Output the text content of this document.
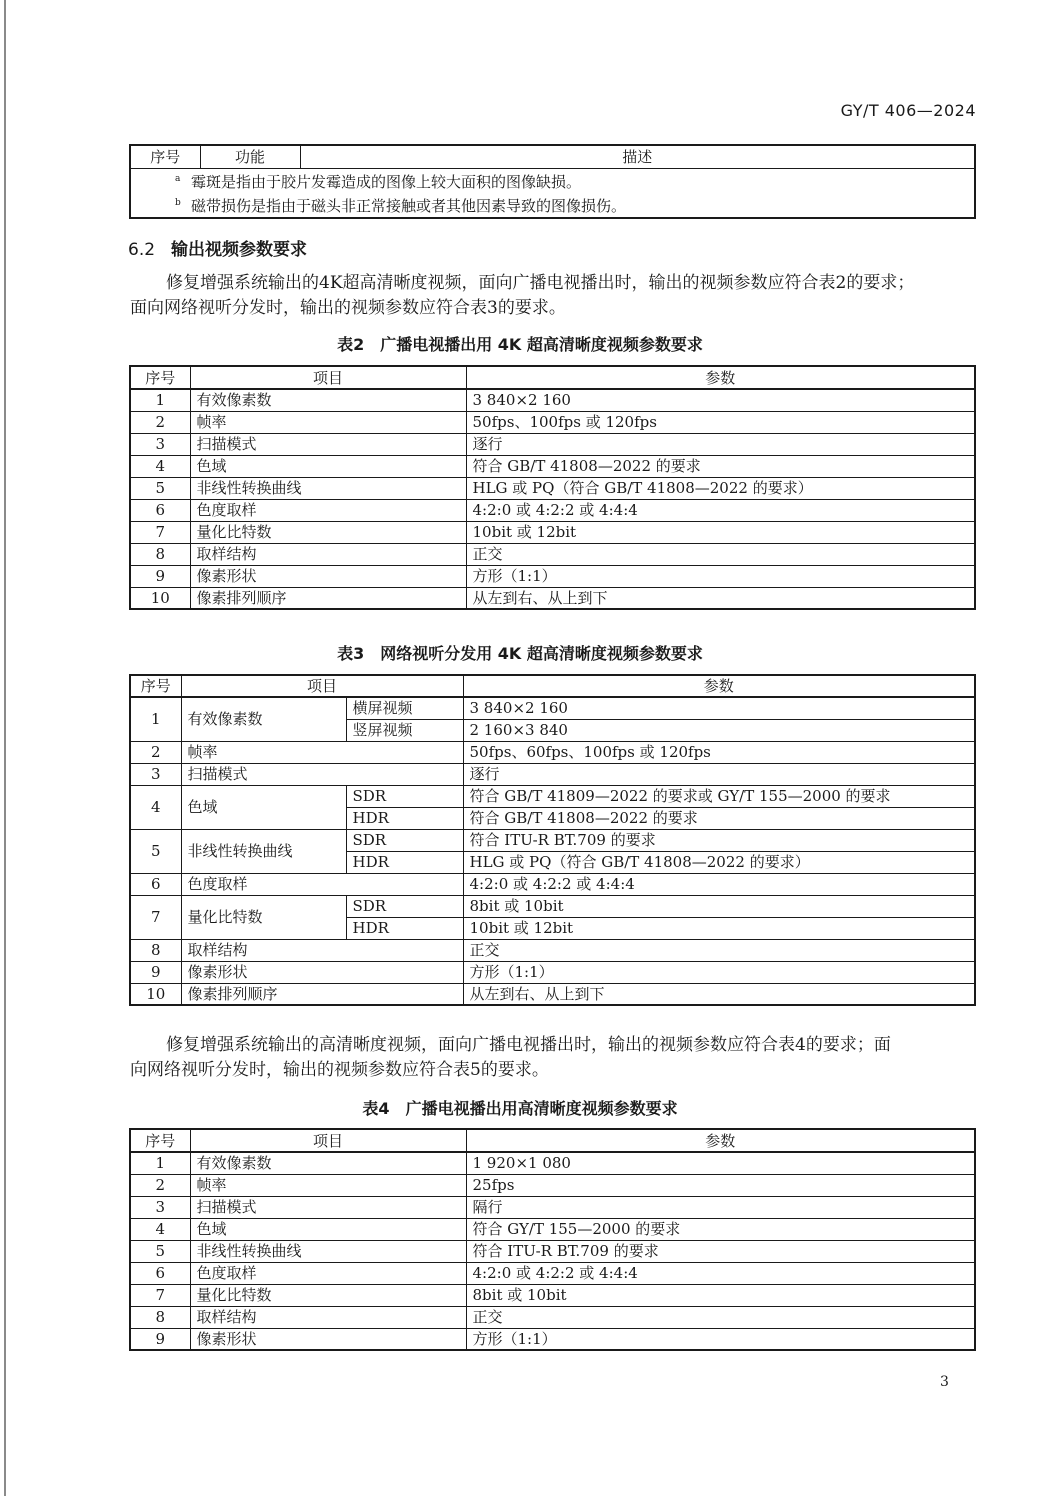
GY/T 406—2024
序号	功能	描述

a 霉斑是指由于胶片发霉造成的图像上较大面积的图像缺损。
b 磁带损伤是指由于磁头非正常接触或者其他因素导致的图像损伤。
6.2 输出视频参数要求

修复增强系统输出的4K超高清晰度视频，面向广播电视播出时，输出的视频参数应符合表2的要求；

面向网络视听分发时，输出的视频参数应符合表3的要求。

表2 广播电视播出用 4K 超高清晰度视频参数要求
序号	项目	参数
1	有效像素数	3 840×2 160
2	帧率	50fps、100fps 或 120fps
3	扫描模式	逐行
4	色域	符合 GB/T 41808—2022 的要求
5	非线性转换曲线	HLG 或 PQ（符合 GB/T 41808—2022 的要求）
6	色度取样	4:2:0 或 4:2:2 或 4:4:4
7	量化比特数	10bit 或 12bit
8	取样结构	正交
9	像素形状	方形（1:1）
10	像素排列顺序	从左到右、从上到下
表3 网络视听分发用 4K 超高清晰度视频参数要求
序号	项目		参数
1	有效像素数	横屏视频	3 840×2 160
		竖屏视频	2 160×3 840
2	帧率		50fps、60fps、100fps 或 120fps
3	扫描模式		逐行
4	色域	SDR	符合 GB/T 41809—2022 的要求或 GY/T 155—2000 的要求
		HDR	符合 GB/T 41808—2022 的要求
5	非线性转换曲线	SDR	符合 ITU-R BT.709 的要求
		HDR	HLG 或 PQ（符合 GB/T 41808—2022 的要求）
6	色度取样		4:2:0 或 4:2:2 或 4:4:4
7	量化比特数	SDR	8bit 或 10bit
		HDR	10bit 或 12bit
8	取样结构		正交
9	像素形状		方形（1:1）
10	像素排列顺序		从左到右、从上到下

修复增强系统输出的高清晰度视频，面向广播电视播出时，输出的视频参数应符合表4的要求；面

向网络视听分发时，输出的视频参数应符合表5的要求。

表4 广播电视播出用高清晰度视频参数要求
序号	项目	参数
1	有效像素数	1 920×1 080
2	帧率	25fps
3	扫描模式	隔行
4	色域	符合 GY/T 155—2000 的要求
5	非线性转换曲线	符合 ITU-R BT.709 的要求
6	色度取样	4:2:0 或 4:2:2 或 4:4:4
7	量化比特数	8bit 或 10bit
8	取样结构	正交
9	像素形状	方形（1:1）
3
